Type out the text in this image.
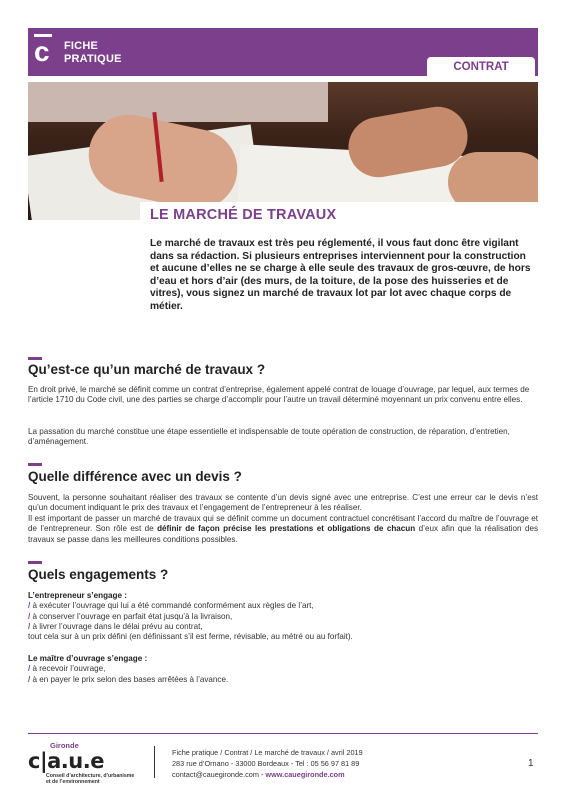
c FICHE
PRATIQUE
CONTRAT
LE MARCHÉ DE TRAVAUX

Le marché de travaux est très peu réglementé, il vous faut donc être vigilant dans sa rédaction. Si plusieurs entreprises interviennent pour la construction et aucune d’elles ne se charge à elle seule des travaux de gros-œuvre, de hors d’eau et hors d’air (des murs, de la toiture, de la pose des huisseries et de vitres), vous signez un marché de travaux lot par lot avec chaque corps de métier.

Qu’est-ce qu’un marché de travaux ?

En droit privé, le marché se définit comme un contrat d’entreprise, également appelé contrat de louage d’ouvrage, par lequel, aux termes de l’article 1710 du Code civil, une des parties se charge d’accomplir pour l’autre un travail déterminé moyennant un prix convenu entre elles.

La passation du marché constitue une étape essentielle et indispensable de toute opération de construction, de réparation, d’entretien, d’aménagement.

Quelle différence avec un devis ?

Souvent, la personne souhaitant réaliser des travaux se contente d’un devis signé avec une entreprise. C’est une erreur car le devis n’est qu’un document indiquant le prix des travaux et l’engagement de l’entrepreneur à les réaliser.

Il est important de passer un marché de travaux qui se définit comme un document contractuel concrétisant l’accord du maître de l’ouvrage et de l’entrepreneur. Son rôle est de définir de façon précise les prestations et obligations de chacun d’eux afin que la réalisation des travaux se passe dans les meilleures conditions possibles.

Quels engagements ?
L’entrepreneur s’engage :
/ à exécuter l’ouvrage qui lui a été commandé conformément aux règles de l’art,
/ à conserver l’ouvrage en parfait état jusqu’à la livraison,
/ à livrer l’ouvrage dans le délai prévu au contrat,
tout cela sur à un prix défini (en définissant s’il est ferme, révisable, au métré ou au forfait).
Le maître d’ouvrage s’engage :
/ à recevoir l’ouvrage,
/ à en payer le prix selon des bases arrêtées à l’avance.
Gironde
c|a.u.e
Conseil d’architecture, d’urbanisme
et de l’environnement
Fiche pratique / Contrat / Le marché de travaux / avril 2019
283 rue d’Ornano - 33000 Bordeaux - Tel : 05 56 97 81 89
contact@cauegironde.com - www.cauegironde.com
1
